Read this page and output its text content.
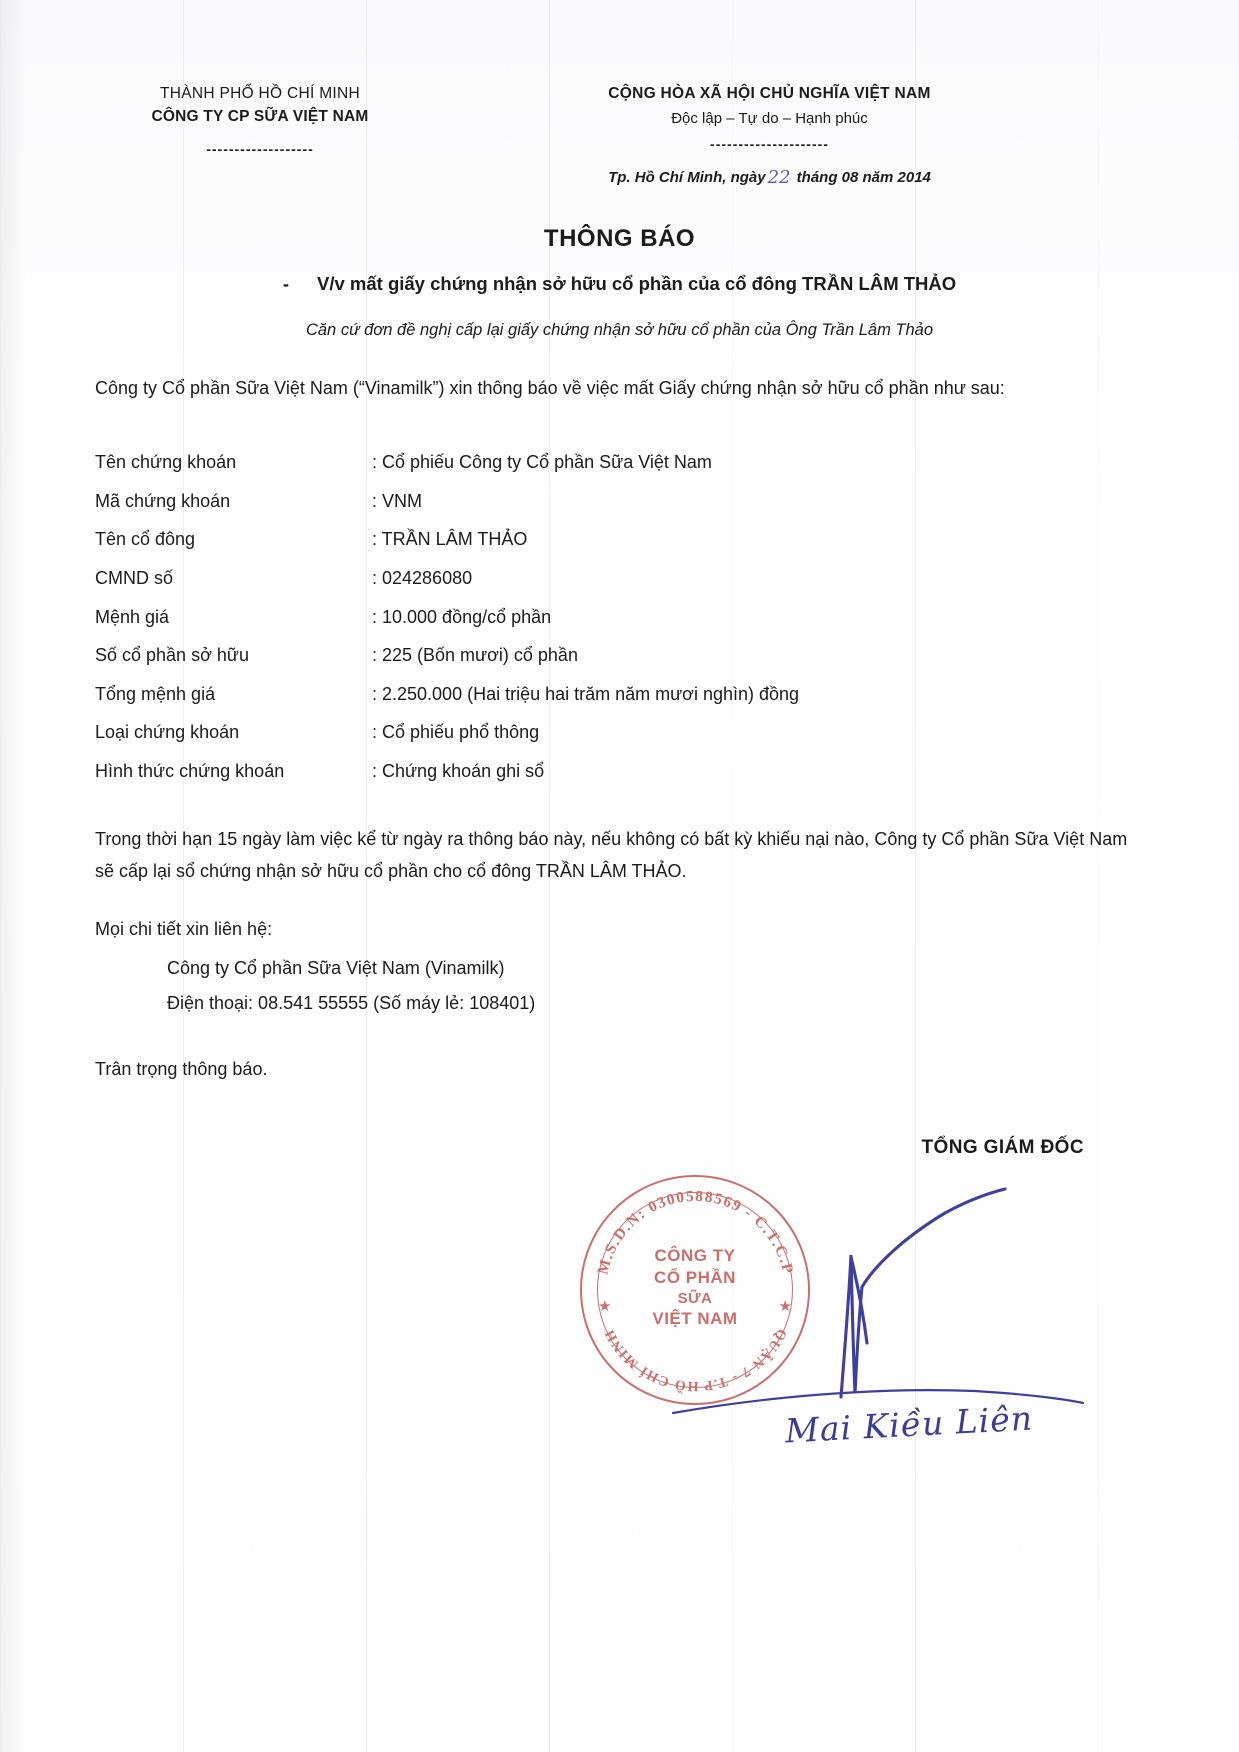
THÀNH PHỐ HỒ CHÍ MINH
CÔNG TY CP SỮA VIỆT NAM
-------------------
CỘNG HÒA XÃ HỘI CHỦ NGHĨA VIỆT NAM
Độc lập – Tự do – Hạnh phúc
---------------------
Tp. Hồ Chí Minh, ngày 22 tháng 08 năm 2014
THÔNG BÁO
- V/v mất giấy chứng nhận sở hữu cổ phần của cổ đông TRẦN LÂM THẢO
Căn cứ đơn đề nghị cấp lại giấy chứng nhận sở hữu cổ phần của Ông Trần Lâm Thảo
Công ty Cổ phần Sữa Việt Nam (“Vinamilk”) xin thông báo về việc mất Giấy chứng nhận sở hữu cổ phần như sau:
Tên chứng khoán	: Cổ phiếu Công ty Cổ phần Sữa Việt Nam
Mã chứng khoán	: VNM
Tên cổ đông	: TRẦN LÂM THẢO
CMND số	: 024286080
Mệnh giá	: 10.000 đồng/cổ phần
Số cổ phần sở hữu	: 225 (Bốn mươi) cổ phần
Tổng mệnh giá	: 2.250.000 (Hai triệu hai trăm năm mươi nghìn) đồng
Loại chứng khoán	: Cổ phiếu phổ thông
Hình thức chứng khoán	: Chứng khoán ghi sổ
Trong thời hạn 15 ngày làm việc kể từ ngày ra thông báo này, nếu không có bất kỳ khiếu nại nào, Công ty Cổ phần Sữa Việt Nam sẽ cấp lại sổ chứng nhận sở hữu cổ phần cho cổ đông TRẦN LÂM THẢO.
Mọi chi tiết xin liên hệ:
Công ty Cổ phần Sữa Việt Nam (Vinamilk)
Điện thoại: 08.541 55555 (Số máy lẻ: 108401)
Trân trọng thông báo.
TỔNG GIÁM ĐỐC
M.S.D.N: 0300588569 - C.T.C.P
QUẬN 7 - T.P HỒ CHÍ MINH
CÔNG TY
CỔ PHẦN
SỮA
VIỆT NAM
★	★
Mai Kiều Liên
